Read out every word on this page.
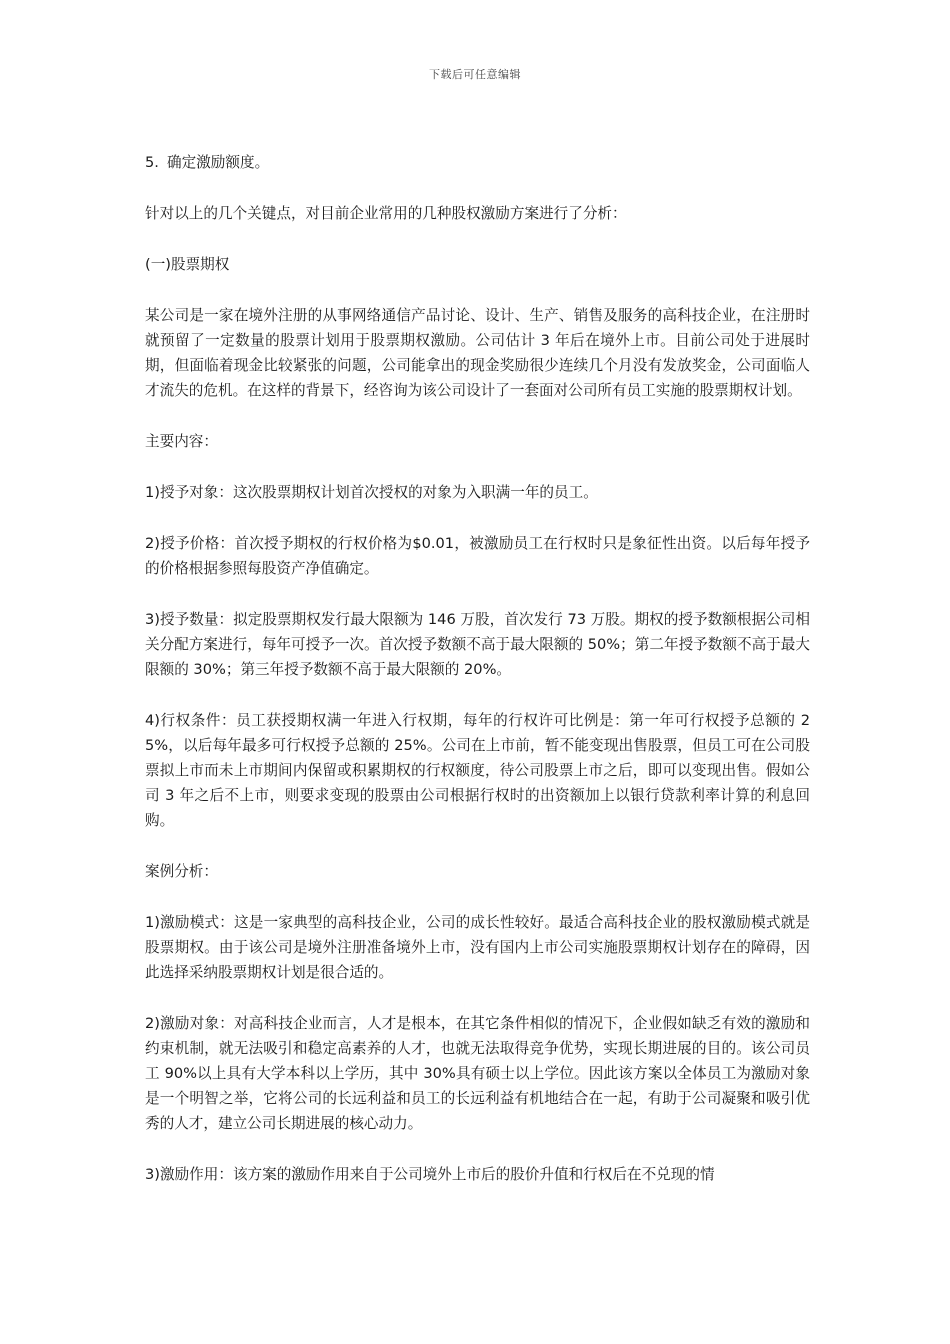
下载后可任意编辑

5. 确定激励额度。

针对以上的几个关键点，对目前企业常用的几种股权激励方案进行了分析：

(一)股票期权

某公司是一家在境外注册的从事网络通信产品讨论、设计、生产、销售及服务的高科技企业，在注册时就预留了一定数量的股票计划用于股票期权激励。公司估计 3 年后在境外上市。目前公司处于进展时期，但面临着现金比较紧张的问题，公司能拿出的现金奖励很少连续几个月没有发放奖金，公司面临人才流失的危机。在这样的背景下，经咨询为该公司设计了一套面对公司所有员工实施的股票期权计划。

主要内容：

1)授予对象：这次股票期权计划首次授权的对象为入职满一年的员工。

2)授予价格：首次授予期权的行权价格为$0.01，被激励员工在行权时只是象征性出资。以后每年授予的价格根据参照每股资产净值确定。

3)授予数量：拟定股票期权发行最大限额为 146 万股，首次发行 73 万股。期权的授予数额根据公司相关分配方案进行，每年可授予一次。首次授予数额不高于最大限额的 50%；第二年授予数额不高于最大限额的 30%；第三年授予数额不高于最大限额的 20%。

4)行权条件：员工获授期权满一年进入行权期，每年的行权许可比例是：第一年可行权授予总额的 25%，以后每年最多可行权授予总额的 25%。公司在上市前，暂不能变现出售股票，但员工可在公司股票拟上市而未上市期间内保留或积累期权的行权额度，待公司股票上市之后，即可以变现出售。假如公司 3 年之后不上市，则要求变现的股票由公司根据行权时的出资额加上以银行贷款利率计算的利息回购。

案例分析：

1)激励模式：这是一家典型的高科技企业，公司的成长性较好。最适合高科技企业的股权激励模式就是股票期权。由于该公司是境外注册准备境外上市，没有国内上市公司实施股票期权计划存在的障碍，因此选择采纳股票期权计划是很合适的。

2)激励对象：对高科技企业而言，人才是根本，在其它条件相似的情况下，企业假如缺乏有效的激励和约束机制，就无法吸引和稳定高素养的人才，也就无法取得竞争优势，实现长期进展的目的。该公司员工 90%以上具有大学本科以上学历，其中 30%具有硕士以上学位。因此该方案以全体员工为激励对象是一个明智之举，它将公司的长远利益和员工的长远利益有机地结合在一起，有助于公司凝聚和吸引优秀的人才，建立公司长期进展的核心动力。

3)激励作用：该方案的激励作用来自于公司境外上市后的股价升值和行权后在不兑现的情
